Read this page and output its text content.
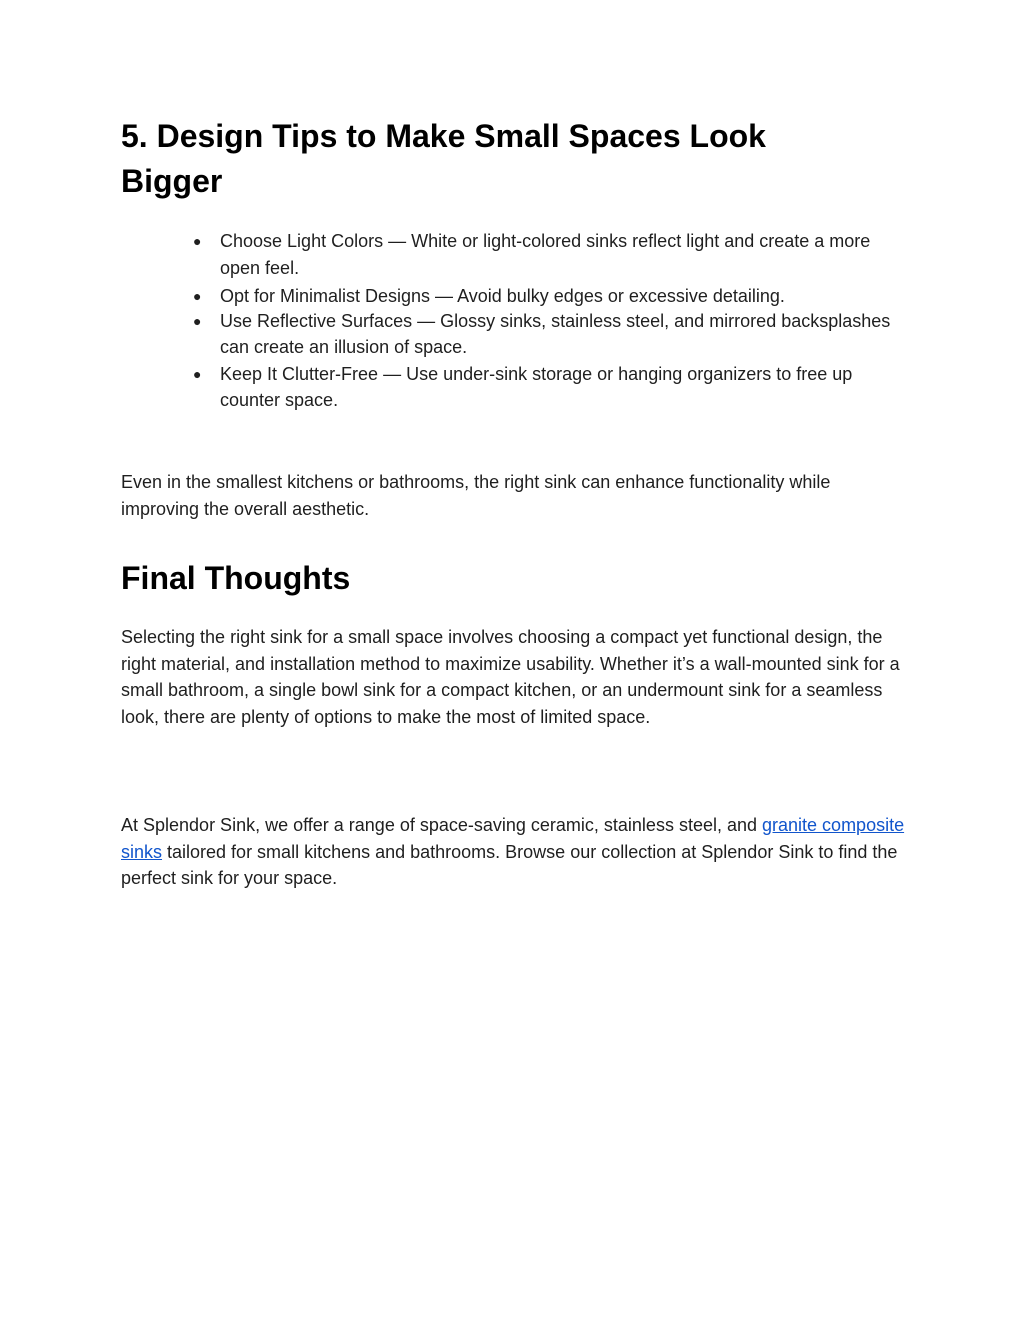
5. Design Tips to Make Small Spaces Look Bigger
● Choose Light Colors — White or light-colored sinks reflect light and create a more open feel.
● Opt for Minimalist Designs — Avoid bulky edges or excessive detailing.
● Use Reflective Surfaces — Glossy sinks, stainless steel, and mirrored backsplashes can create an illusion of space.
● Keep It Clutter-Free — Use under-sink storage or hanging organizers to free up counter space.

Even in the smallest kitchens or bathrooms, the right sink can enhance functionality while improving the overall aesthetic.

Final Thoughts

Selecting the right sink for a small space involves choosing a compact yet functional design, the right material, and installation method to maximize usability. Whether it’s a wall-mounted sink for a small bathroom, a single bowl sink for a compact kitchen, or an undermount sink for a seamless look, there are plenty of options to make the most of limited space.

At Splendor Sink, we offer a range of space-saving ceramic, stainless steel, and granite composite sinks tailored for small kitchens and bathrooms. Browse our collection at Splendor Sink to find the perfect sink for your space.
